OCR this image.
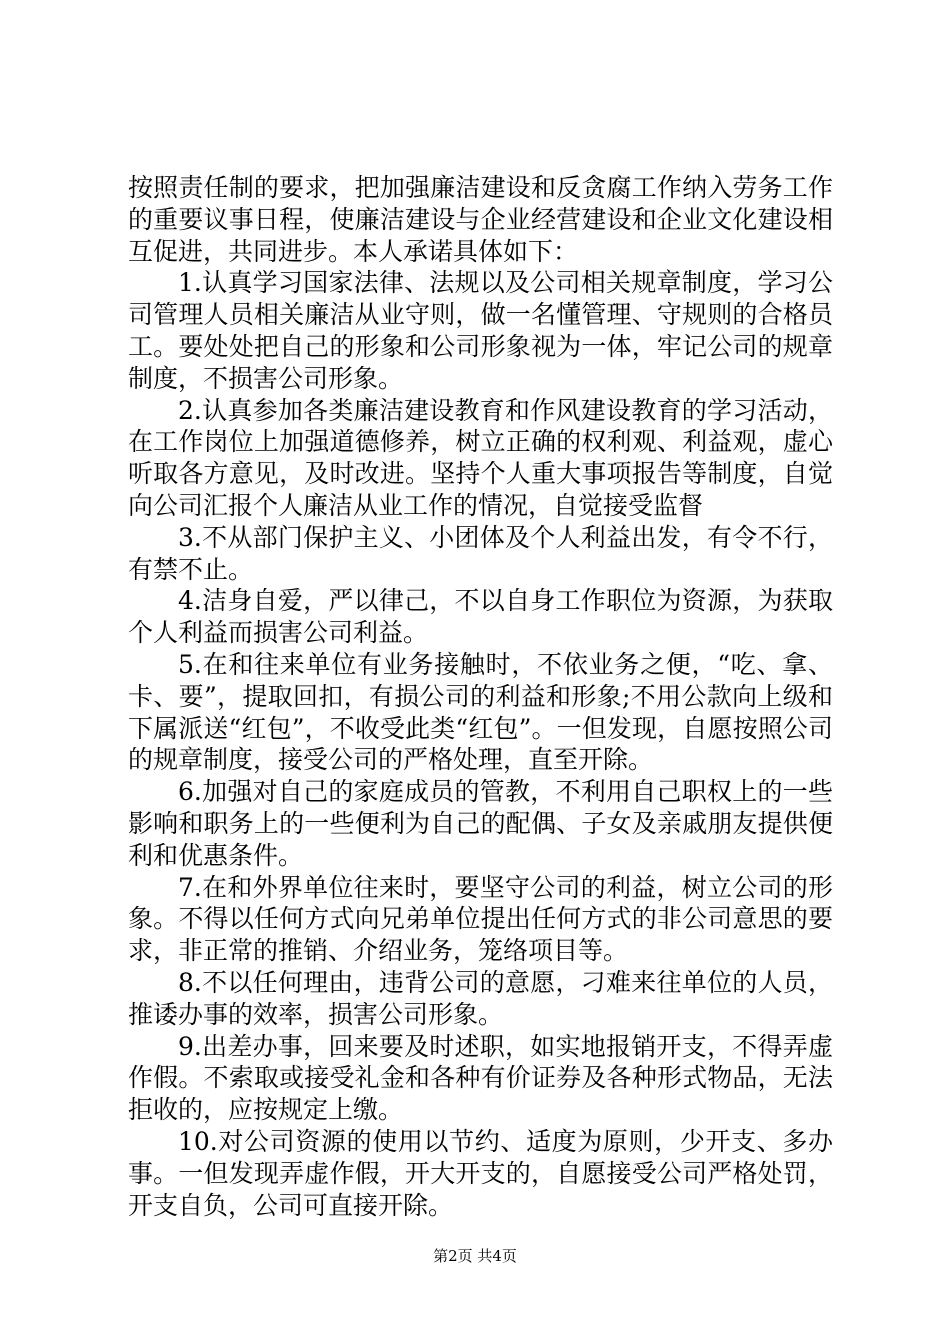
按照责任制的要求，把加强廉洁建设和反贪腐工作纳入劳务工作的重要议事日程，使廉洁建设与企业经营建设和企业文化建设相互促进，共同进步。本人承诺具体如下：

1.认真学习国家法律、法规以及公司相关规章制度，学习公司管理人员相关廉洁从业守则，做一名懂管理、守规则的合格员工。要处处把自己的形象和公司形象视为一体，牢记公司的规章制度，不损害公司形象。

2.认真参加各类廉洁建设教育和作风建设教育的学习活动，在工作岗位上加强道德修养，树立正确的权利观、利益观，虚心听取各方意见，及时改进。坚持个人重大事项报告等制度，自觉向公司汇报个人廉洁从业工作的情况，自觉接受监督

3.不从部门保护主义、小团体及个人利益出发，有令不行，有禁不止。

4.洁身自爱，严以律己，不以自身工作职位为资源，为获取个人利益而损害公司利益。

5.在和往来单位有业务接触时，不依业务之便，“吃、拿、卡、要”，提取回扣，有损公司的利益和形象;不用公款向上级和下属派送“红包”，不收受此类“红包”。一但发现，自愿按照公司的规章制度，接受公司的严格处理，直至开除。

6.加强对自己的家庭成员的管教，不利用自己职权上的一些影响和职务上的一些便利为自己的配偶、子女及亲戚朋友提供便利和优惠条件。

7.在和外界单位往来时，要坚守公司的利益，树立公司的形象。不得以任何方式向兄弟单位提出任何方式的非公司意思的要求，非正常的推销、介绍业务，笼络项目等。

8.不以任何理由，违背公司的意愿，刁难来往单位的人员，推诿办事的效率，损害公司形象。

9.出差办事，回来要及时述职，如实地报销开支，不得弄虚作假。不索取或接受礼金和各种有价证券及各种形式物品，无法拒收的，应按规定上缴。

10.对公司资源的使用以节约、适度为原则，少开支、多办事。一但发现弄虚作假，开大开支的，自愿接受公司严格处罚，开支自负，公司可直接开除。

第2页 共4页
